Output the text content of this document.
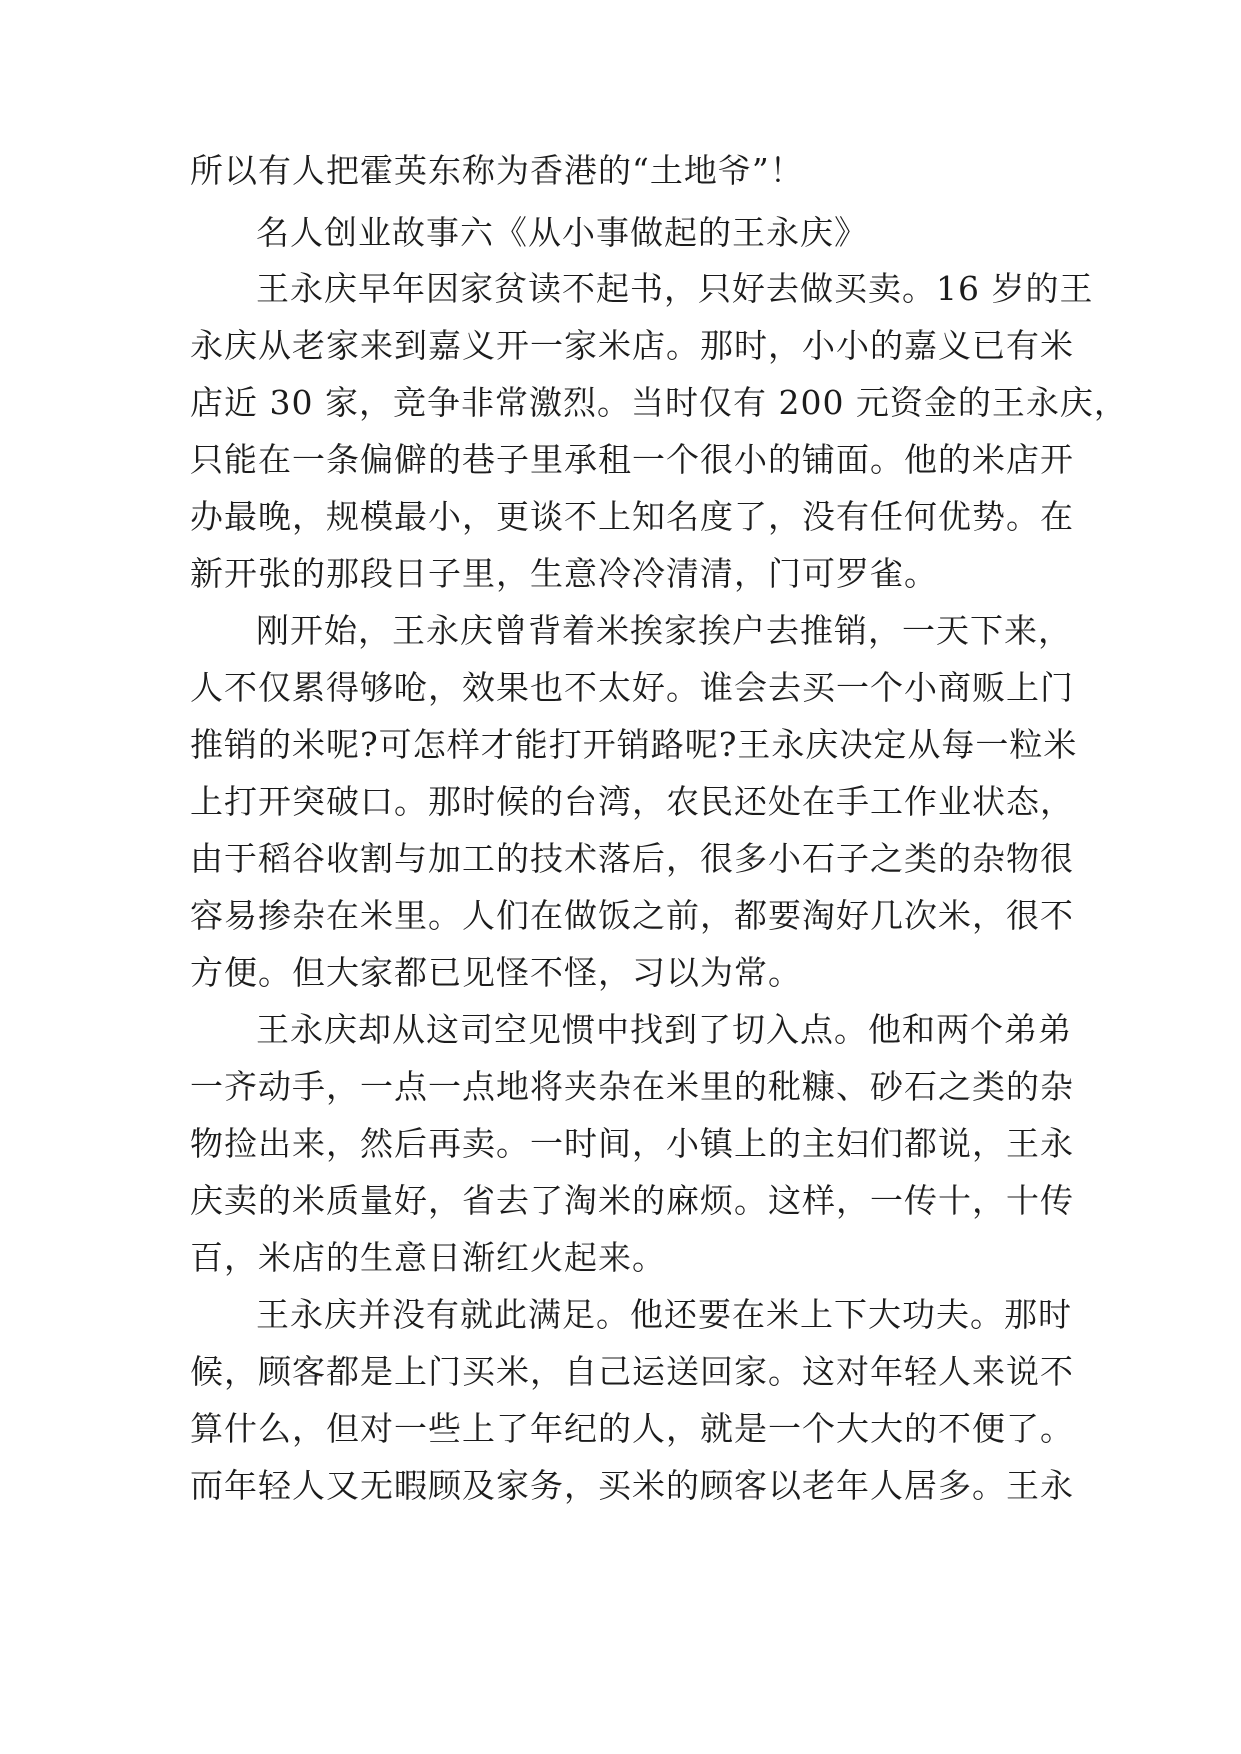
所以有人把霍英东称为香港的“土地爷”！
名人创业故事六《从小事做起的王永庆》
王永庆早年因家贫读不起书，只好去做买卖。16 岁的王
永庆从老家来到嘉义开一家米店。那时，小小的嘉义已有米
店近 30 家，竞争非常激烈。当时仅有 200 元资金的王永庆，
只能在一条偏僻的巷子里承租一个很小的铺面。他的米店开
办最晚，规模最小，更谈不上知名度了，没有任何优势。在
新开张的那段日子里，生意冷冷清清，门可罗雀。
刚开始，王永庆曾背着米挨家挨户去推销，一天下来，
人不仅累得够呛，效果也不太好。谁会去买一个小商贩上门
推销的米呢?可怎样才能打开销路呢?王永庆决定从每一粒米
上打开突破口。那时候的台湾，农民还处在手工作业状态，
由于稻谷收割与加工的技术落后，很多小石子之类的杂物很
容易掺杂在米里。人们在做饭之前，都要淘好几次米，很不
方便。但大家都已见怪不怪，习以为常。
王永庆却从这司空见惯中找到了切入点。他和两个弟弟
一齐动手，一点一点地将夹杂在米里的秕糠、砂石之类的杂
物捡出来，然后再卖。一时间，小镇上的主妇们都说，王永
庆卖的米质量好，省去了淘米的麻烦。这样，一传十，十传
百，米店的生意日渐红火起来。
王永庆并没有就此满足。他还要在米上下大功夫。那时
候，顾客都是上门买米，自己运送回家。这对年轻人来说不
算什么，但对一些上了年纪的人，就是一个大大的不便了。
而年轻人又无暇顾及家务，买米的顾客以老年人居多。王永
